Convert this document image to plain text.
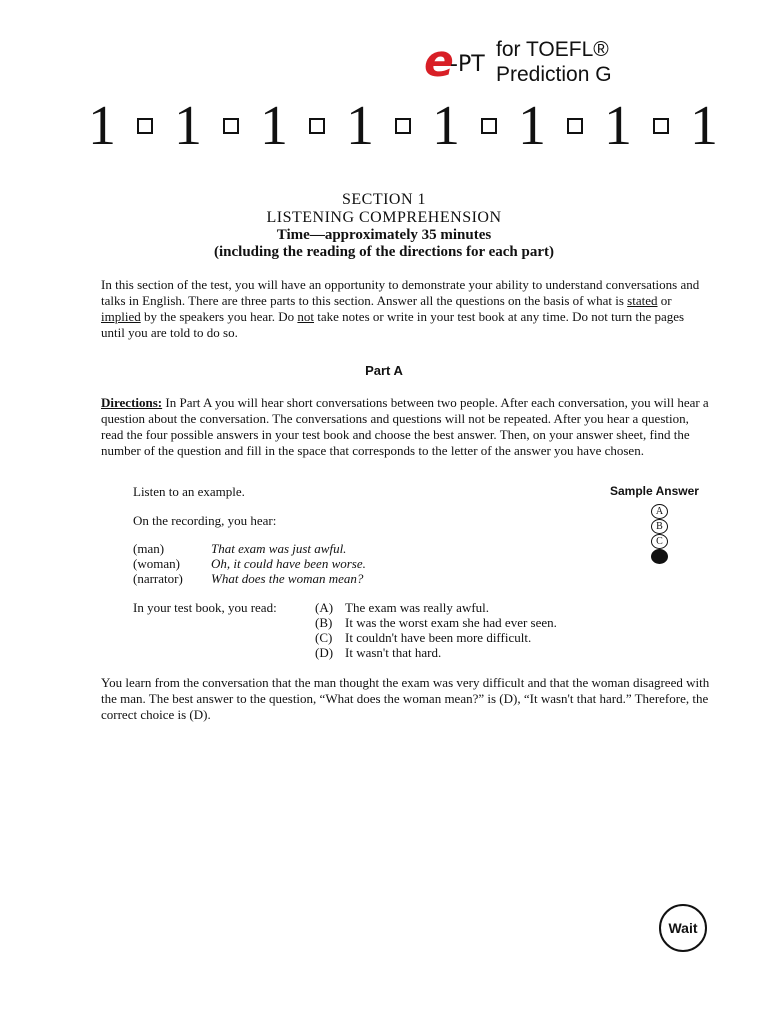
e
-PT
for TOEFL®
Prediction G
1 1 1 1 1 1 1 1
SECTION 1
LISTENING COMPREHENSION
Time—approximately 35 minutes
(including the reading of the directions for each part)
In this section of the test, you will have an opportunity to demonstrate your ability to understand conversations and talks in English. There are three parts to this section. Answer all the questions on the basis of what is stated or implied by the speakers you hear. Do not take notes or write in your test book at any time. Do not turn the pages until you are told to do so.
Part A
Directions: In Part A you will hear short conversations between two people. After each conversation, you will hear a question about the conversation. The conversations and questions will not be repeated. After you hear a question, read the four possible answers in your test book and choose the best answer. Then, on your answer sheet, find the number of the question and fill in the space that corresponds to the letter of the answer you have chosen.
Listen to an example.	Sample Answer
A
B
C
D
On the recording, you hear:
(man)	That exam was just awful.
(woman)	Oh, it could have been worse.
(narrator)	What does the woman mean?
In your test book, you read:	(A) The exam was really awful.
(B) It was the worst exam she had ever seen.
(C) It couldn't have been more difficult.
(D) It wasn't that hard.
You learn from the conversation that the man thought the exam was very difficult and that the woman disagreed with the man. The best answer to the question, “What does the woman mean?” is (D), “It wasn't that hard.” Therefore, the correct choice is (D).
Wait
